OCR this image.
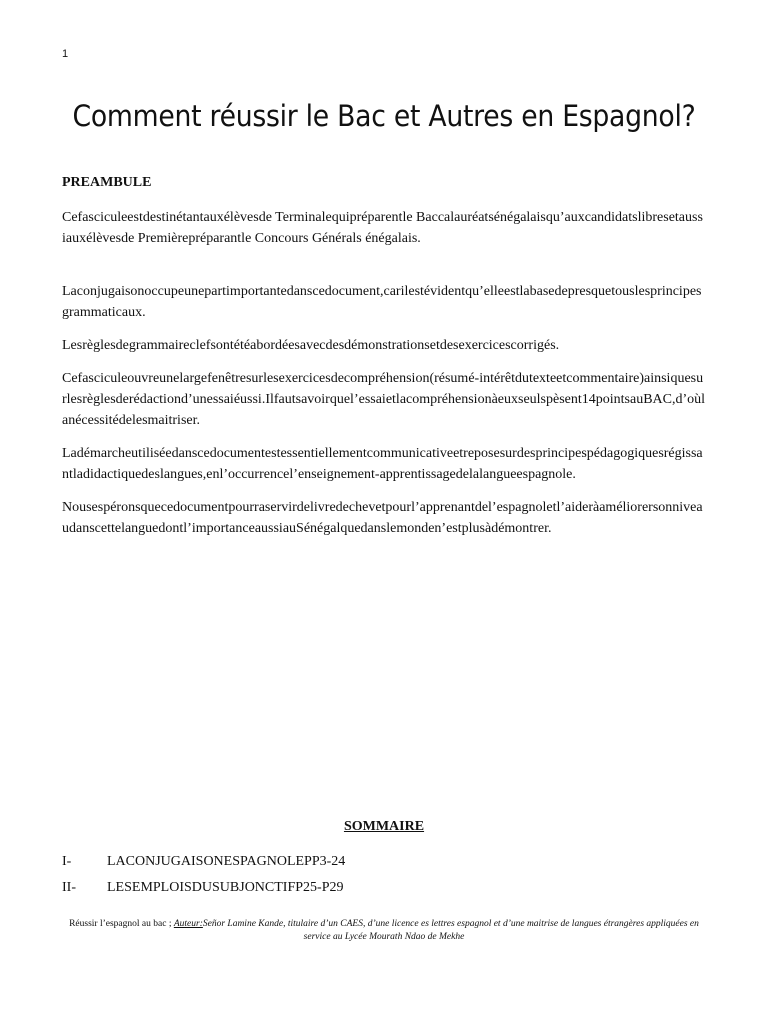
1
Comment réussir le Bac et Autres en Espagnol?
PREAMBULE

Cefasciculeestdestinétantauxélèvesde Terminalequipréparentle Baccalauréatsénégalaisqu’auxcandidatslibresetaussiauxélèvesde Premièrepréparantle Concours Générals énégalais.

Laconjugaisonoccupeunepartimportantedanscedocument,carilestévidentqu’elleestlabasedepresquetouslesprincipesgrammaticaux.

Lesrèglesdegrammaireclefsontétéabordéesavecdesdémonstrationsetdesexercicescorrigés.

Cefasciculeouvreunelargefenêtresurlesexercicesdecompréhension(résumé-intérêtdutexteetcommentaire)ainsiquesurlesrèglesderédactiond’unessaiéussi.Ilfautsavoirquel’essaietlacompréhensionàeuxseulspèsent14pointsauBAC,d’oùlanécessitédelesmaitriser.

Ladémarcheutiliséedanscedocumentestessentiellementcommunicativeetreposesurdesprincipespédagogiquesrégissantladidactiquedeslangues,enl’occurrencel’enseignement-apprentissagedelalangueespagnole.

Nousespéronsquecedocumentpourraservirdelivredechevetpourl’apprenantdel’espagnoletl’aideràaméliorersonniveaudanscettelanguedontl’importanceaussiauSénégalquedanslemonden’estplusàdémontrer.

SOMMAIRE
I-	LACONJUGAISONESPAGNOLEPP3-24
II-	LESEMPLOISDUSUBJONCTIFP25-P29
Réussir l’espagnol au bac ; Auteur:Señor Lamine Kande, titulaire d’un CAES, d’une licence es lettres espagnol et d’une maitrise de langues étrangères appliquées en service au Lycée Mourath Ndao de Mekhe
